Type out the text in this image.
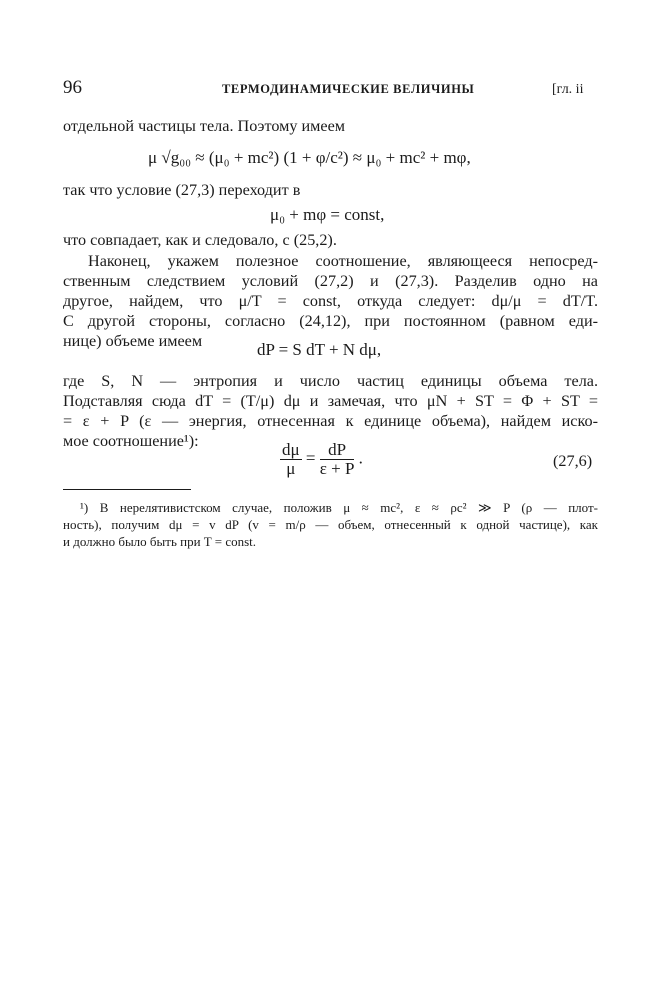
96	ТЕРМОДИНАМИЧЕСКИЕ ВЕЛИЧИНЫ	[гл. ii
отдельной частицы тела. Поэтому имеем
μ √g₀₀ ≈ (μ₀ + mc²) (1 + φ/c²) ≈ μ₀ + mc² + mφ,
так что условие (27,3) переходит в
μ₀ + mφ = const,
что совпадает, как и следовало, с (25,2).
Наконец, укажем полезное соотношение, являющееся непосред-
ственным следствием условий (27,2) и (27,3). Разделив одно на
другое, найдем, что μ/T = const, откуда следует: dμ/μ = dT/T.
С другой стороны, согласно (24,12), при постоянном (равном еди-
нице) объеме имеем	dP = S dT + N dμ,
где S, N — энтропия и число частиц единицы объема тела.
Подставляя сюда dT = (T/μ) dμ и замечая, что μN + ST = Φ + ST =
= ε + P (ε — энергия, отнесенная к единице объема), найдем иско-
мое соотношение¹):	$\frac{d\mu}{\mu} = \frac{dP}{\varepsilon + P}$ .	(27,6)
¹) В нерелятивистском случае, положив μ ≈ mc², ε ≈ ρc² ≫ P (ρ — плот-
ность), получим dμ = v dP (v = m/ρ — объем, отнесенный к одной частице), как
и должно было быть при T = const.
